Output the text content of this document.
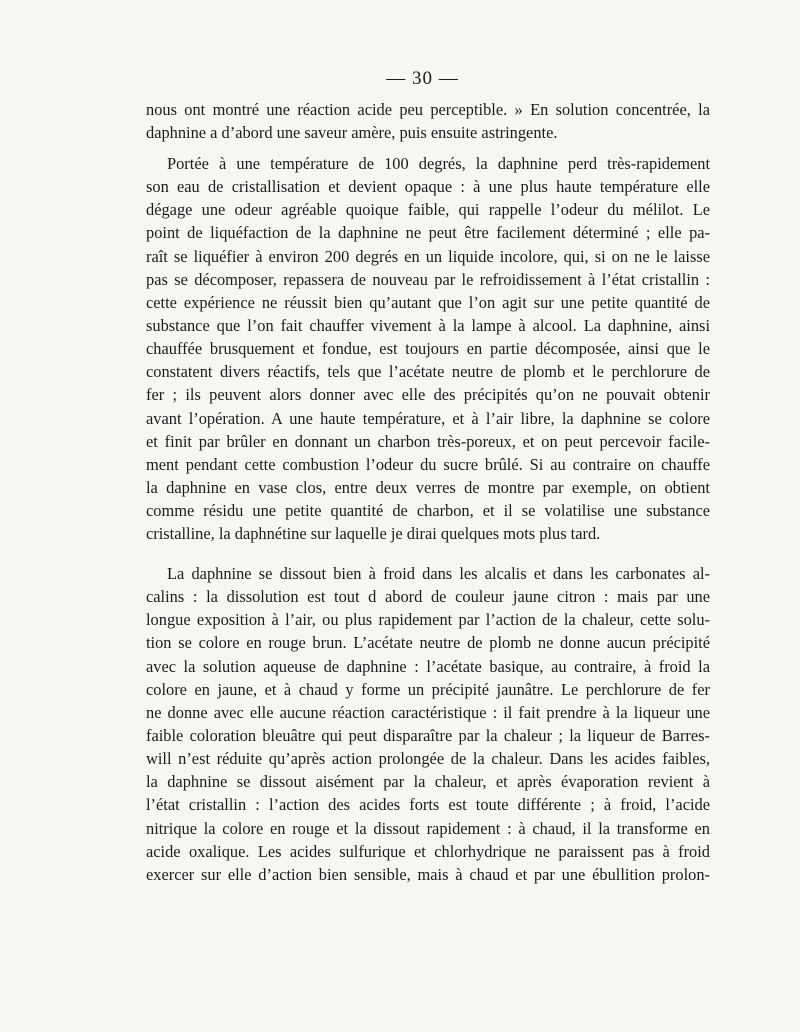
— 30 —
nous ont montré une réaction acide peu perceptible. » En solution concentrée, la
daphnine a d’abord une saveur amère, puis ensuite astringente.
Portée à une température de 100 degrés, la daphnine perd très-rapidement
son eau de cristallisation et devient opaque : à une plus haute température elle
dégage une odeur agréable quoique faible, qui rappelle l’odeur du mélilot. Le
point de liquéfaction de la daphnine ne peut être facilement déterminé ; elle pa-
raît se liquéfier à environ 200 degrés en un liquide incolore, qui, si on ne le laisse
pas se décomposer, repassera de nouveau par le refroidissement à l’état cristallin :
cette expérience ne réussit bien qu’autant que l’on agit sur une petite quantité de
substance que l’on fait chauffer vivement à la lampe à alcool. La daphnine, ainsi
chauffée brusquement et fondue, est toujours en partie décomposée, ainsi que le
constatent divers réactifs, tels que l’acétate neutre de plomb et le perchlorure de
fer ; ils peuvent alors donner avec elle des précipités qu’on ne pouvait obtenir
avant l’opération. A une haute température, et à l’air libre, la daphnine se colore
et finit par brûler en donnant un charbon très-poreux, et on peut percevoir facile-
ment pendant cette combustion l’odeur du sucre brûlé. Si au contraire on chauffe
la daphnine en vase clos, entre deux verres de montre par exemple, on obtient
comme résidu une petite quantité de charbon, et il se volatilise une substance
cristalline, la daphnétine sur laquelle je dirai quelques mots plus tard.
La daphnine se dissout bien à froid dans les alcalis et dans les carbonates al-
calins : la dissolution est tout d abord de couleur jaune citron : mais par une
longue exposition à l’air, ou plus rapidement par l’action de la chaleur, cette solu-
tion se colore en rouge brun. L’acétate neutre de plomb ne donne aucun précipité
avec la solution aqueuse de daphnine : l’acétate basique, au contraire, à froid la
colore en jaune, et à chaud y forme un précipité jaunâtre. Le perchlorure de fer
ne donne avec elle aucune réaction caractéristique : il fait prendre à la liqueur une
faible coloration bleuâtre qui peut disparaître par la chaleur ; la liqueur de Barres-
will n’est réduite qu’après action prolongée de la chaleur. Dans les acides faibles,
la daphnine se dissout aisément par la chaleur, et après évaporation revient à
l’état cristallin : l’action des acides forts est toute différente ; à froid, l’acide
nitrique la colore en rouge et la dissout rapidement : à chaud, il la transforme en
acide oxalique. Les acides sulfurique et chlorhydrique ne paraissent pas à froid
exercer sur elle d’action bien sensible, mais à chaud et par une ébullition prolon-
